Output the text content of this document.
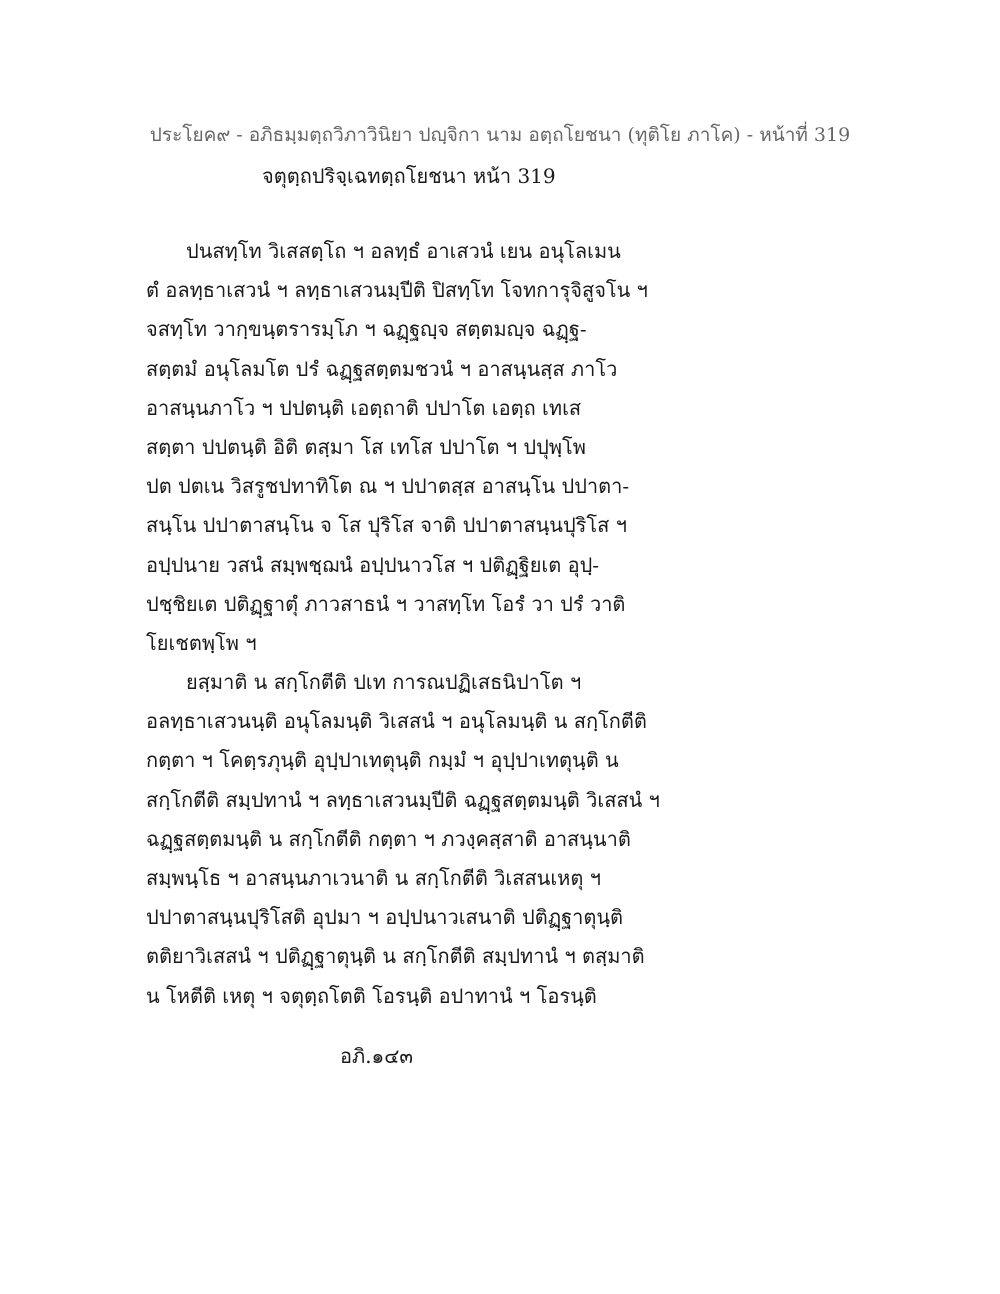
ประโยค๙ - อภิธมฺมตฺถวิภาวินิยา ปญฺจิกา นาม อตฺถโยชนา (ทุติโย ภาโค) - หน้าที่ 319
จตุตฺถปริจฺเฉทตฺถโยชนา หน้า 319
ปนสทฺโท วิเสสตฺโถ ฯ อลทฺธํ อาเสวนํ เยน อนุโลเมน
ตํ อลทฺธาเสวนํ ฯ ลทฺธาเสวนมฺปีติ ปิสทฺโท โจทการุจิสูจโน ฯ
จสทฺโท วากฺขนฺตรารมฺโภ ฯ ฉฏฺฐญฺจ สตฺตมญฺจ ฉฏฺฐ-
สตฺตมํ อนุโลมโต ปรํ ฉฏฺฐสตฺตมชวนํ ฯ อาสนฺนสฺส ภาโว
อาสนฺนภาโว ฯ ปปตนฺติ เอตฺถาติ ปปาโต เอตฺถ เทเส
สตฺตา ปปตนฺติ อิติ ตสฺมา โส เทโส ปปาโต ฯ ปปุพฺโพ
ปต ปตเน วิสรูชปทาทิโต ณ ฯ ปปาตสฺส อาสนฺโน ปปาตา-
สนฺโน ปปาตาสนฺโน จ โส ปุริโส จาติ ปปาตาสนฺนปุริโส ฯ
อปฺปนาย วสนํ สมฺพชฺฌนํ อปฺปนาวโส ฯ ปติฏฺฐิยเต อุปฺ-
ปชฺชิยเต ปติฏฺฐาตุํ ภาวสาธนํ ฯ วาสทฺโท โอรํ วา ปรํ วาติ
โยเชตพฺโพ ฯ
ยสฺมาติ น สกฺโกตีติ ปเท การณปฏิเสธนิปาโต ฯ
อลทฺธาเสวนนฺติ อนุโลมนฺติ วิเสสนํ ฯ อนุโลมนฺติ น สกฺโกตีติ
กตฺตา ฯ โคตฺรภุนฺติ อุปฺปาเทตุนฺติ กมฺมํ ฯ อุปฺปาเทตุนฺติ น
สกฺโกตีติ สมฺปทานํ ฯ ลทฺธาเสวนมฺปีติ ฉฏฺฐสตฺตมนฺติ วิเสสนํ ฯ
ฉฏฺฐสตฺตมนฺติ น สกฺโกตีติ กตฺตา ฯ ภวงฺคสฺสาติ อาสนฺนาติ
สมฺพนฺโธ ฯ อาสนฺนภาเวนาติ น สกฺโกตีติ วิเสสนเหตุ ฯ
ปปาตาสนฺนปุริโสติ อุปมา ฯ อปฺปนาวเสนาติ ปติฏฺฐาตุนฺติ
ตติยาวิเสสนํ ฯ ปติฏฺฐาตุนฺติ น สกฺโกตีติ สมฺปทานํ ฯ ตสฺมาติ
น โหตีติ เหตุ ฯ จตุตฺถโตติ โอรนฺติ อปาทานํ ฯ โอรนฺติ
อภิ.๑๔๓
